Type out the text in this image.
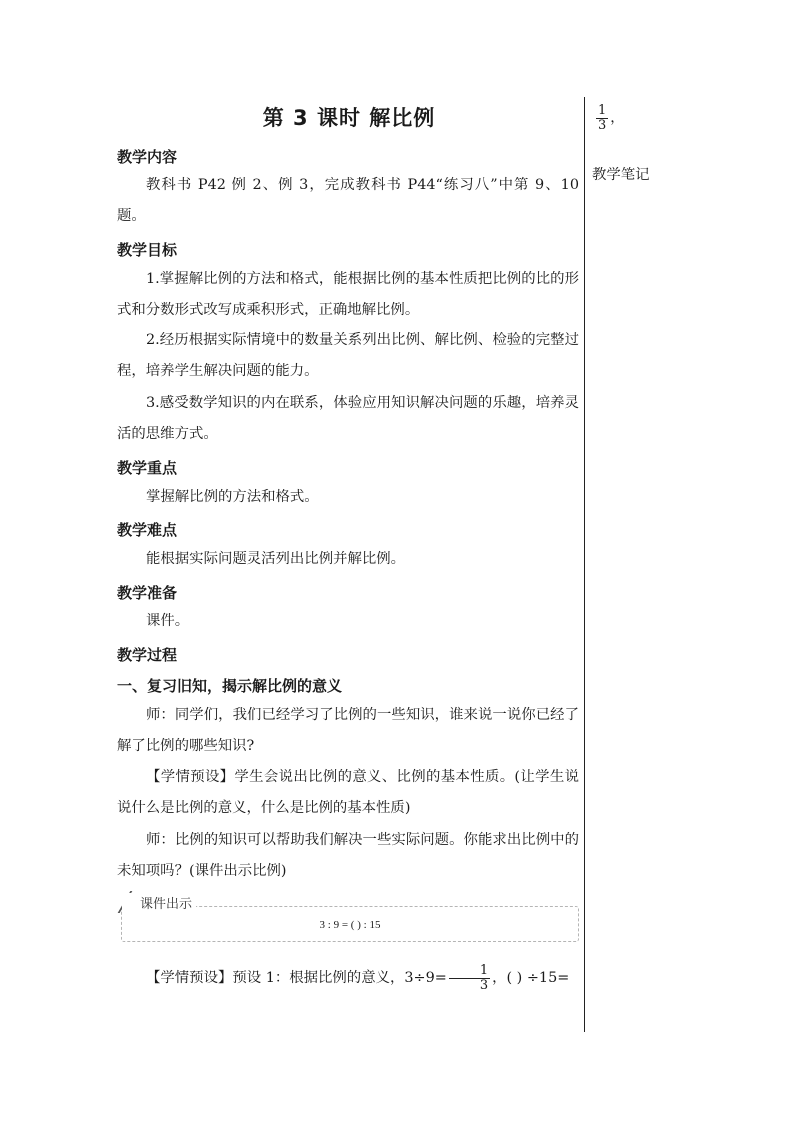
第 3 课时 解比例
教学内容
教科书 P42 例 2、例 3，完成教科书 P44“练习八”中第 9、10 题。
教学目标
1.掌握解比例的方法和格式，能根据比例的基本性质把比例的比的形式和分数形式改写成乘积形式，正确地解比例。
2.经历根据实际情境中的数量关系列出比例、解比例、检验的完整过程，培养学生解决问题的能力。
3.感受数学知识的内在联系，体验应用知识解决问题的乐趣，培养灵活的思维方式。
教学重点
掌握解比例的方法和格式。
教学难点
能根据实际问题灵活列出比例并解比例。
教学准备
课件。
教学过程
一、复习旧知，揭示解比例的意义
师：同学们，我们已经学习了比例的一些知识，谁来说一说你已经了解了比例的哪些知识?
【学情预设】学生会说出比例的意义、比例的基本性质。(让学生说说什么是比例的意义，什么是比例的基本性质)
师：比例的知识可以帮助我们解决一些实际问题。你能求出比例中的未知项吗？(课件出示比例)
课件出示
3 : 9 = ( ) : 15
【学情预设】预设 1：根据比例的意义，$3\div 9= \frac{1}{3}$ ，( ) ÷15=
$\frac{1}{3}$ ，
教学笔记
